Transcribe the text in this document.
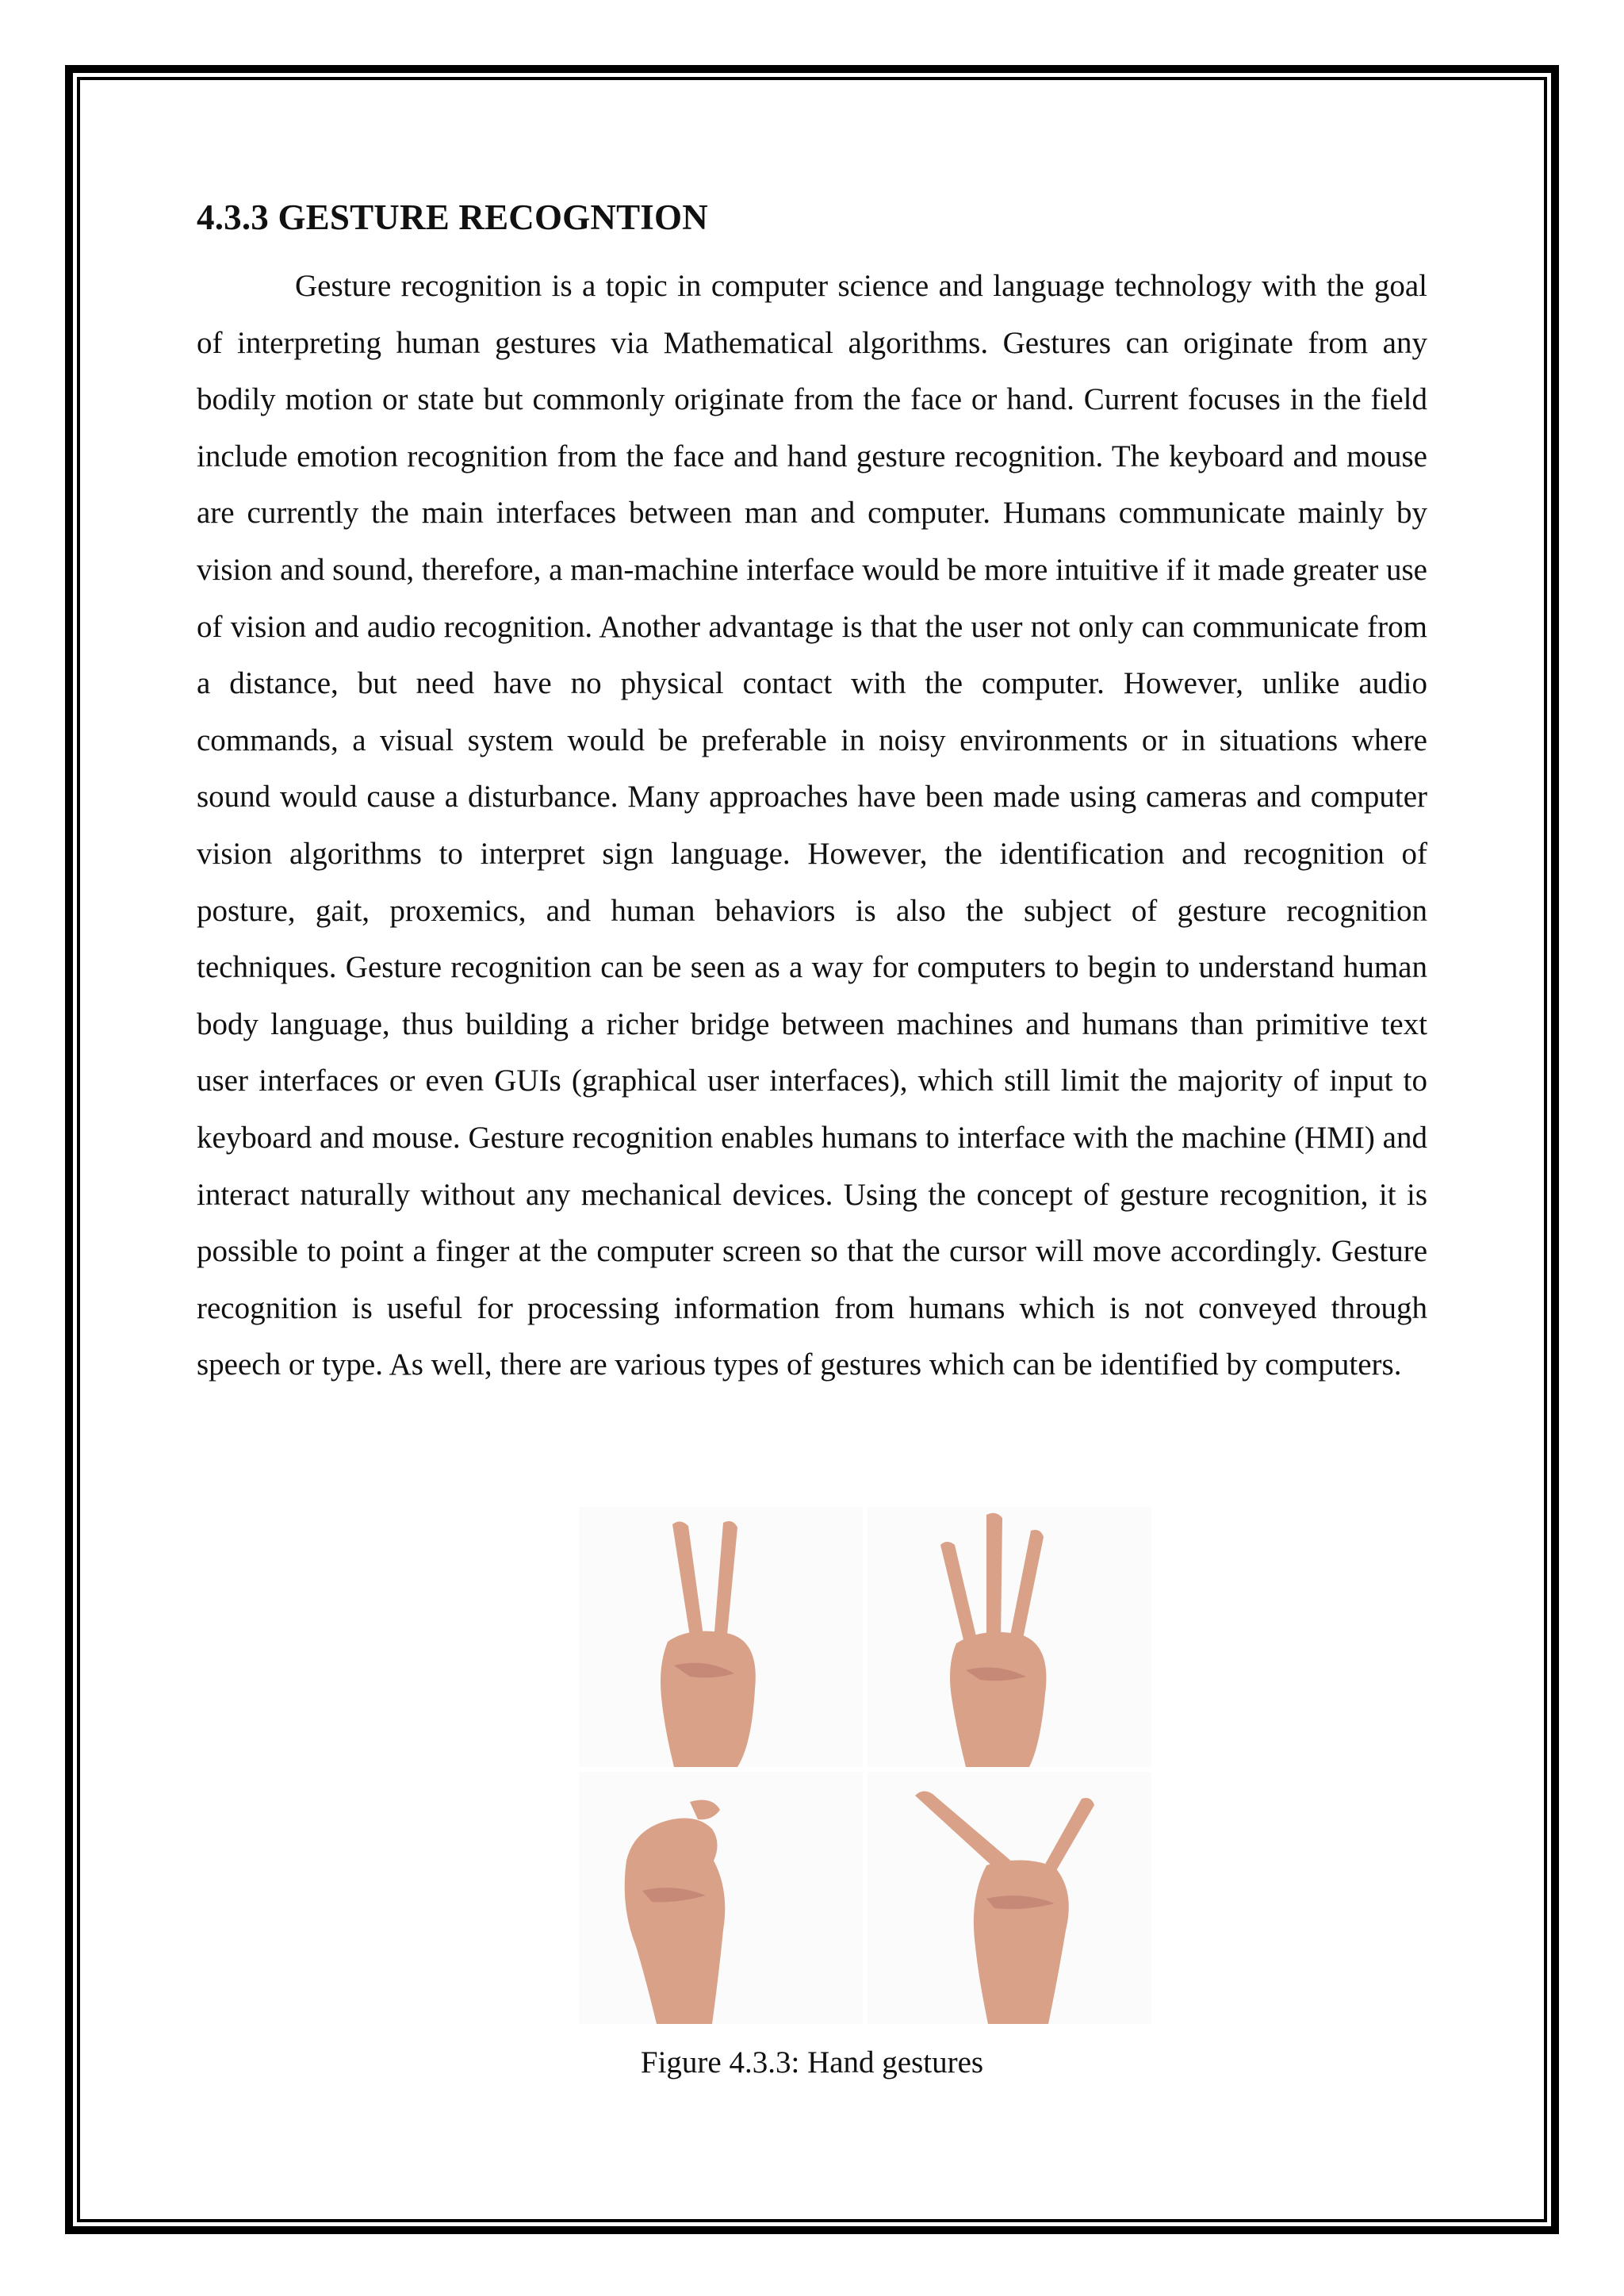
4.3.3 GESTURE RECOGNTION

Gesture recognition is a topic in computer science and language technology with the goal of interpreting human gestures via Mathematical algorithms. Gestures can originate from any bodily motion or state but commonly originate from the face or hand. Current focuses in the field include emotion recognition from the face and hand gesture recognition. The keyboard and mouse are currently the main interfaces between man and computer. Humans communicate mainly by vision and sound, therefore, a man-machine interface would be more intuitive if it made greater use of vision and audio recognition. Another advantage is that the user not only can communicate from a distance, but need have no physical contact with the computer. However, unlike audio commands, a visual system would be preferable in noisy environments or in situations where sound would cause a disturbance. Many approaches have been made using cameras and computer vision algorithms to interpret sign language. However, the identification and recognition of posture, gait, proxemics, and human behaviors is also the subject of gesture recognition techniques. Gesture recognition can be seen as a way for computers to begin to understand human body language, thus building a richer bridge between machines and humans than primitive text user interfaces or even GUIs (graphical user interfaces), which still limit the majority of input to keyboard and mouse. Gesture recognition enables humans to interface with the machine (HMI) and interact naturally without any mechanical devices. Using the concept of gesture recognition, it is possible to point a finger at the computer screen so that the cursor will move accordingly. Gesture recognition is useful for processing information from humans which is not conveyed through speech or type. As well, there are various types of gestures which can be identified by computers.

Figure 4.3.3: Hand gestures
